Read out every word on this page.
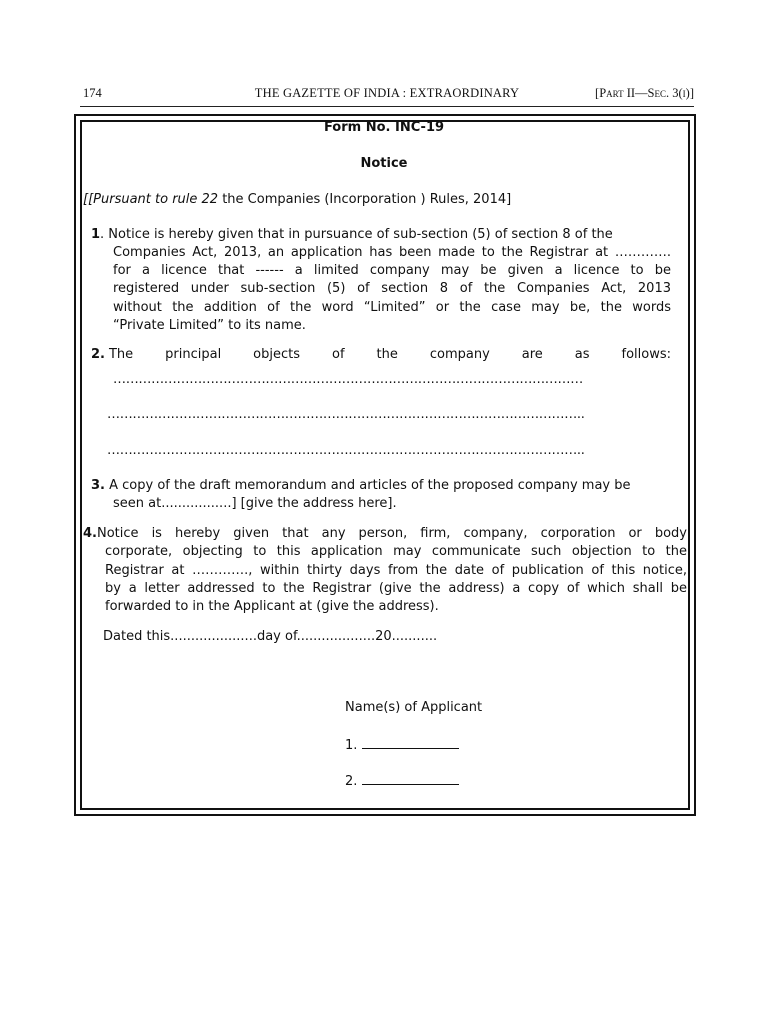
174	THE GAZETTE OF INDIA : EXTRAORDINARY	[Part II—Sec. 3(i)]
Form No. INC-19
Notice
[[Pursuant to rule 22 the Companies (Incorporation ) Rules, 2014]
1. Notice is hereby given that in pursuance of sub-section (5) of section 8 of the
Companies Act, 2013, an application has been made to the Registrar at ………….
for a licence that ------ a limited company may be given a licence to be
registered under sub-section (5) of section 8 of the Companies Act, 2013
without the addition of the word “Limited” or the case may be, the words
“Private Limited” to its name.
2. The principal objects of the company are as follows:
…………………………………………………………………………………………………
…………………………………………………………………………………………………..
…………………………………………………………………………………………………..
3. A copy of the draft memorandum and articles of the proposed company may be
seen at.................] [give the address here].
4. Notice is hereby given that any person, firm, company, corporation or body
corporate, objecting to this application may communicate such objection to the
Registrar at …………., within thirty days from the date of publication of this notice,
by a letter addressed to the Registrar (give the address) a copy of which shall be
forwarded to in the Applicant at (give the address).
Dated this.....................day of...................20...........
Name(s) of Applicant
1.
2.
